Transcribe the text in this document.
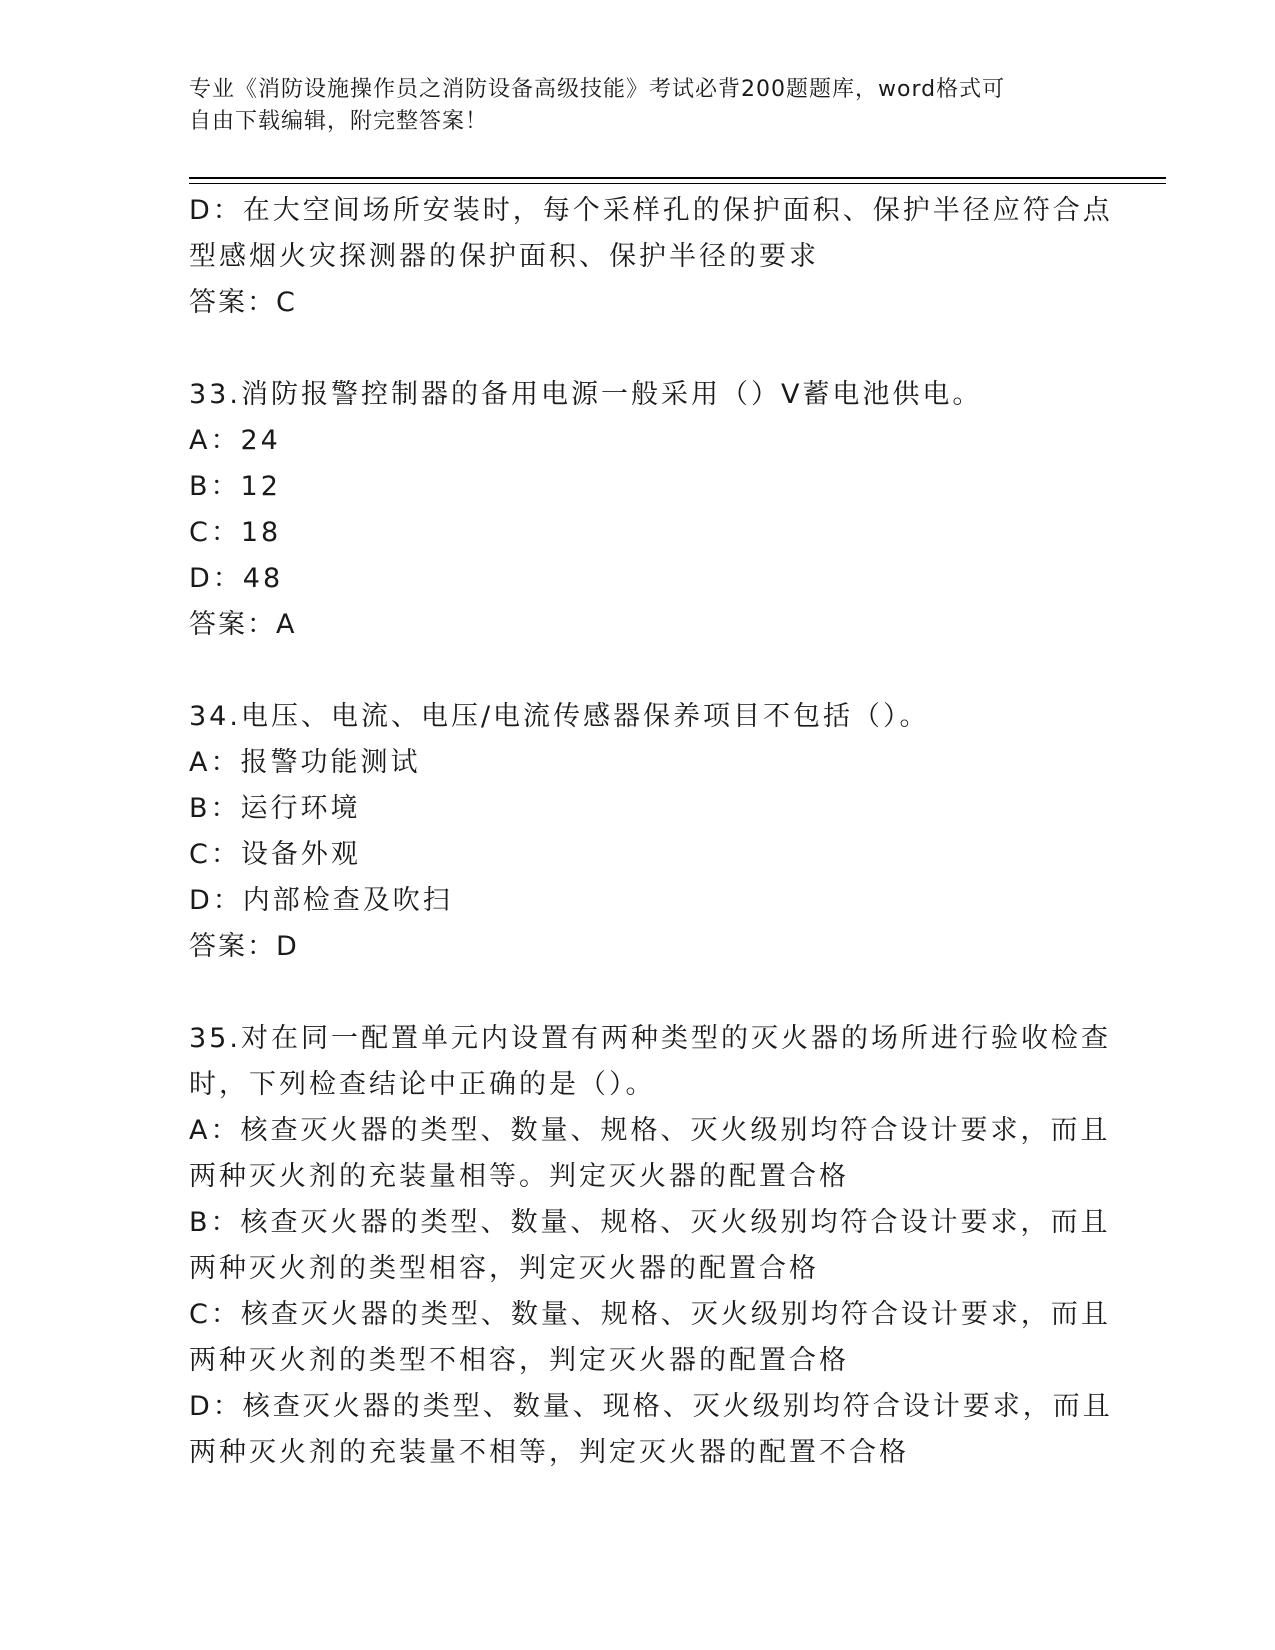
专业《消防设施操作员之消防设备高级技能》考试必背200题题库，word格式可
自由下载编辑，附完整答案！
D：在大空间场所安装时，每个采样孔的保护面积、保护半径应符合点
型感烟火灾探测器的保护面积、保护半径的要求
答案：C
33.消防报警控制器的备用电源一般采用（）V蓄电池供电。
A：24
B：12
C：18
D：48
答案：A
34.电压、电流、电压/电流传感器保养项目不包括（）。
A：报警功能测试
B：运行环境
C：设备外观
D：内部检查及吹扫
答案：D
35.对在同一配置单元内设置有两种类型的灭火器的场所进行验收检查
时，下列检查结论中正确的是（）。
A：核查灭火器的类型、数量、规格、灭火级别均符合设计要求，而且
两种灭火剂的充装量相等。判定灭火器的配置合格
B：核查灭火器的类型、数量、规格、灭火级别均符合设计要求，而且
两种灭火剂的类型相容，判定灭火器的配置合格
C：核查灭火器的类型、数量、规格、灭火级别均符合设计要求，而且
两种灭火剂的类型不相容，判定灭火器的配置合格
D：核查灭火器的类型、数量、现格、灭火级别均符合设计要求，而且
两种灭火剂的充装量不相等，判定灭火器的配置不合格
